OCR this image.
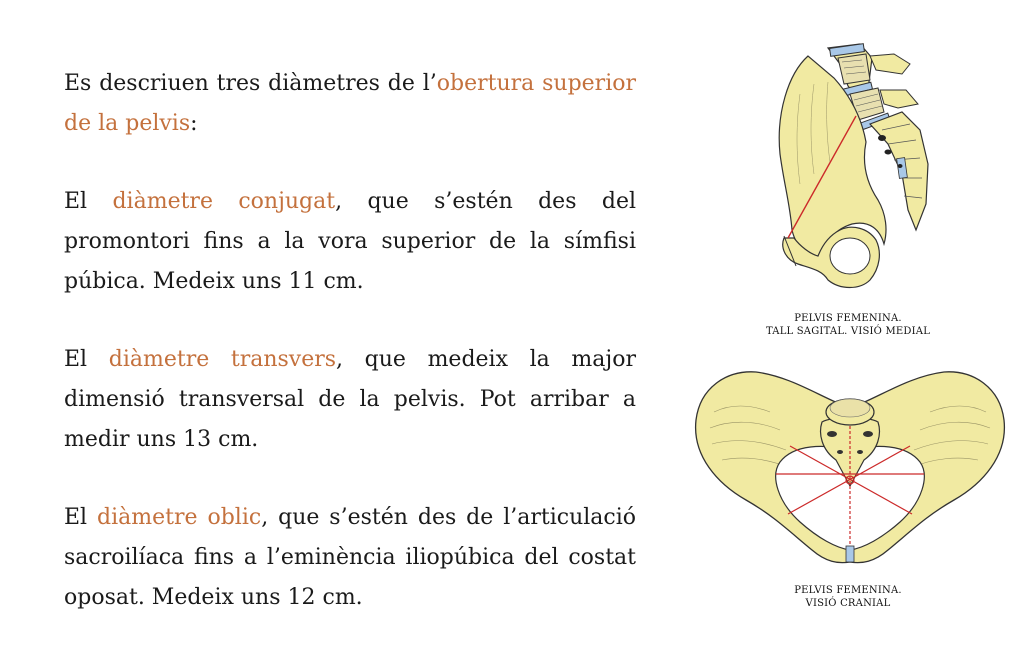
Es descriuen tres diàmetres de l’obertura superior de la pelvis:

El diàmetre conjugat, que s’estén des del promontori fins a la vora superior de la símfisi púbica. Medeix uns 11 cm.

El diàmetre transvers, que medeix la major dimensió transversal de la pelvis. Pot arribar a medir uns 13 cm.

El diàmetre oblic, que s’estén des de l’articulació sacroilíaca fins a l’eminència iliopúbica del costat oposat. Medeix uns 12 cm.

PELVIS FEMENINA.
TALL SAGITAL. VISIÓ MEDIAL
PELVIS FEMENINA.
VISIÓ CRANIAL
